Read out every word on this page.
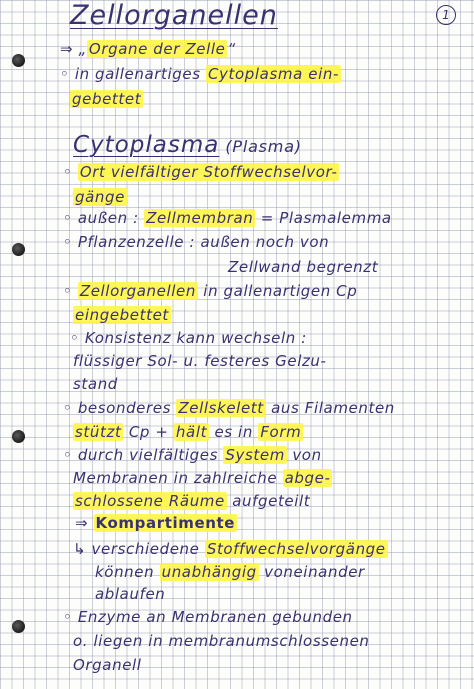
Zellorganellen	1
Cytoplasma (Plasma)
⇒ „ Organe der Zelle “
◦ in gallenartiges Cytoplasma ein-
gebettet
◦ Ort vielfältiger Stoffwechselvor-
gänge
◦ außen : Zellmembran = Plasmalemma
◦ Pflanzenzelle : außen noch von
Zellwand begrenzt
◦ Zellorganellen in gallenartigen Cp
eingebettet
◦ Konsistenz kann wechseln :
flüssiger Sol- u. festeres Gelzu-
stand
◦ besonderes Zellskelett aus Filamenten
stützt Cp + hält es in Form
◦ durch vielfältiges System von
Membranen in zahlreiche abge-
schlossene Räume aufgeteilt
⇒ Kompartimente
↳ verschiedene Stoffwechselvorgänge
können unabhängig voneinander
ablaufen
◦ Enzyme an Membranen gebunden
o. liegen in membranumschlossenen
Organell
